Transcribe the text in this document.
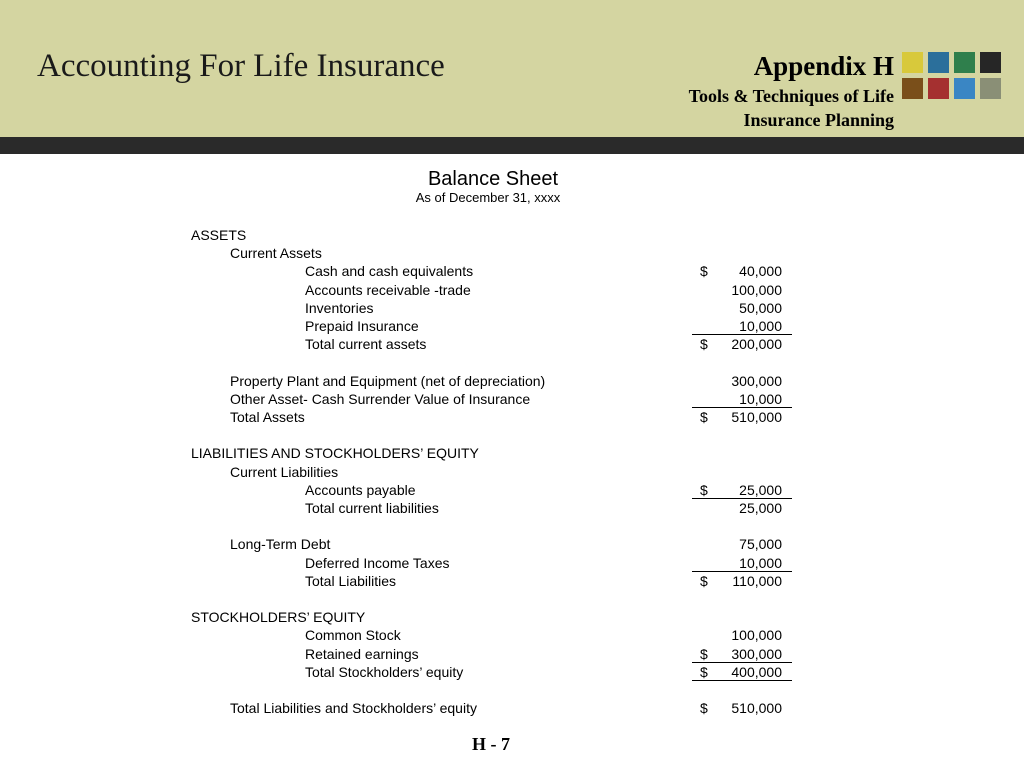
Accounting For Life Insurance	Appendix H
Tools & Techniques of Life
Insurance Planning
Balance Sheet
As of December 31, xxxx
ASSETS
Current Assets
Cash and cash equivalents	$	40,000
Accounts receivable -trade	100,000
Inventories	50,000
Prepaid Insurance	10,000
Total current assets	$	200,000
Property Plant and Equipment (net of depreciation)	300,000
Other Asset- Cash Surrender Value of Insurance	10,000
Total Assets	$	510,000
LIABILITIES AND STOCKHOLDERS’ EQUITY
Current Liabilities
Accounts payable	$	25,000
Total current liabilities	25,000
Long-Term Debt	75,000
Deferred Income Taxes	10,000
Total Liabilities	$	110,000
STOCKHOLDERS’ EQUITY
Common Stock	100,000
Retained earnings	$	300,000
Total Stockholders’ equity	$	400,000
Total Liabilities and Stockholders’ equity	$	510,000
H - 7
